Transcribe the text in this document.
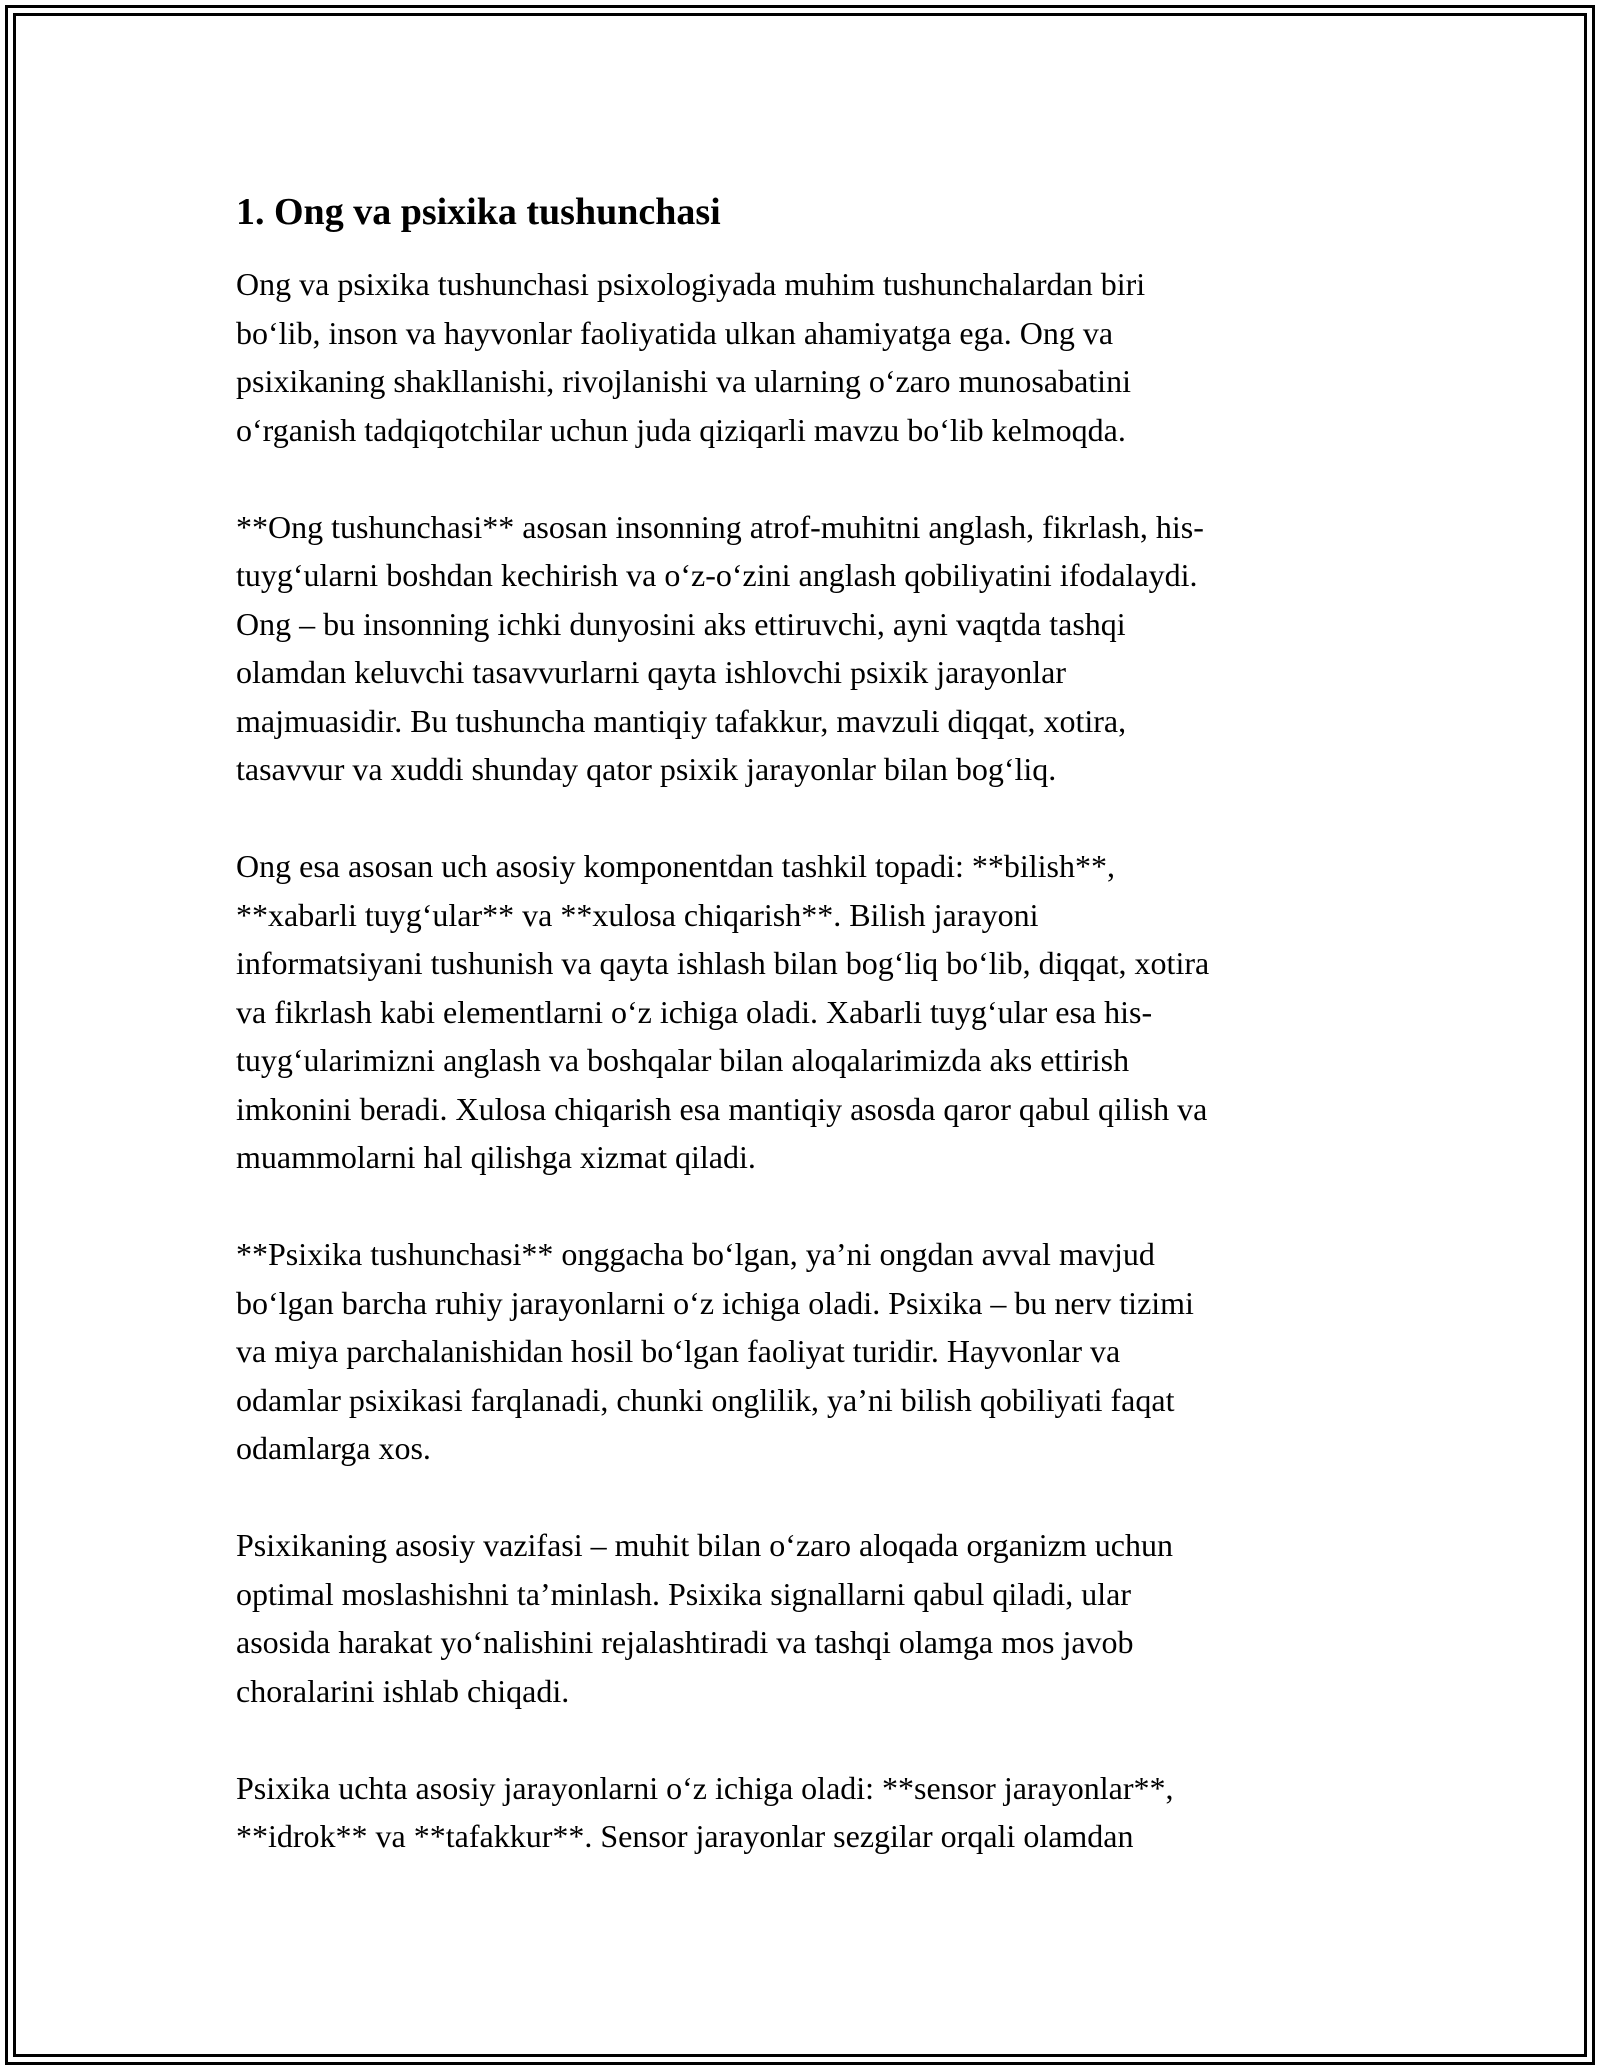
1. Ong va psixika tushunchasi

Ong va psixika tushunchasi psixologiyada muhim tushunchalardan biri
bo‘lib, inson va hayvonlar faoliyatida ulkan ahamiyatga ega. Ong va
psixikaning shakllanishi, rivojlanishi va ularning o‘zaro munosabatini
o‘rganish tadqiqotchilar uchun juda qiziqarli mavzu bo‘lib kelmoqda.

**Ong tushunchasi** asosan insonning atrof-muhitni anglash, fikrlash, his-
tuyg‘ularni boshdan kechirish va o‘z-o‘zini anglash qobiliyatini ifodalaydi.
Ong – bu insonning ichki dunyosini aks ettiruvchi, ayni vaqtda tashqi
olamdan keluvchi tasavvurlarni qayta ishlovchi psixik jarayonlar
majmuasidir. Bu tushuncha mantiqiy tafakkur, mavzuli diqqat, xotira,
tasavvur va xuddi shunday qator psixik jarayonlar bilan bog‘liq.

Ong esa asosan uch asosiy komponentdan tashkil topadi: **bilish**,
**xabarli tuyg‘ular** va **xulosa chiqarish**. Bilish jarayoni
informatsiyani tushunish va qayta ishlash bilan bog‘liq bo‘lib, diqqat, xotira
va fikrlash kabi elementlarni o‘z ichiga oladi. Xabarli tuyg‘ular esa his-
tuyg‘ularimizni anglash va boshqalar bilan aloqalarimizda aks ettirish
imkonini beradi. Xulosa chiqarish esa mantiqiy asosda qaror qabul qilish va
muammolarni hal qilishga xizmat qiladi.

**Psixika tushunchasi** onggacha bo‘lgan, ya’ni ongdan avval mavjud
bo‘lgan barcha ruhiy jarayonlarni o‘z ichiga oladi. Psixika – bu nerv tizimi
va miya parchalanishidan hosil bo‘lgan faoliyat turidir. Hayvonlar va
odamlar psixikasi farqlanadi, chunki onglilik, ya’ni bilish qobiliyati faqat
odamlarga xos.

Psixikaning asosiy vazifasi – muhit bilan o‘zaro aloqada organizm uchun
optimal moslashishni ta’minlash. Psixika signallarni qabul qiladi, ular
asosida harakat yo‘nalishini rejalashtiradi va tashqi olamga mos javob
choralarini ishlab chiqadi.

Psixika uchta asosiy jarayonlarni o‘z ichiga oladi: **sensor jarayonlar**,
**idrok** va **tafakkur**. Sensor jarayonlar sezgilar orqali olamdan
